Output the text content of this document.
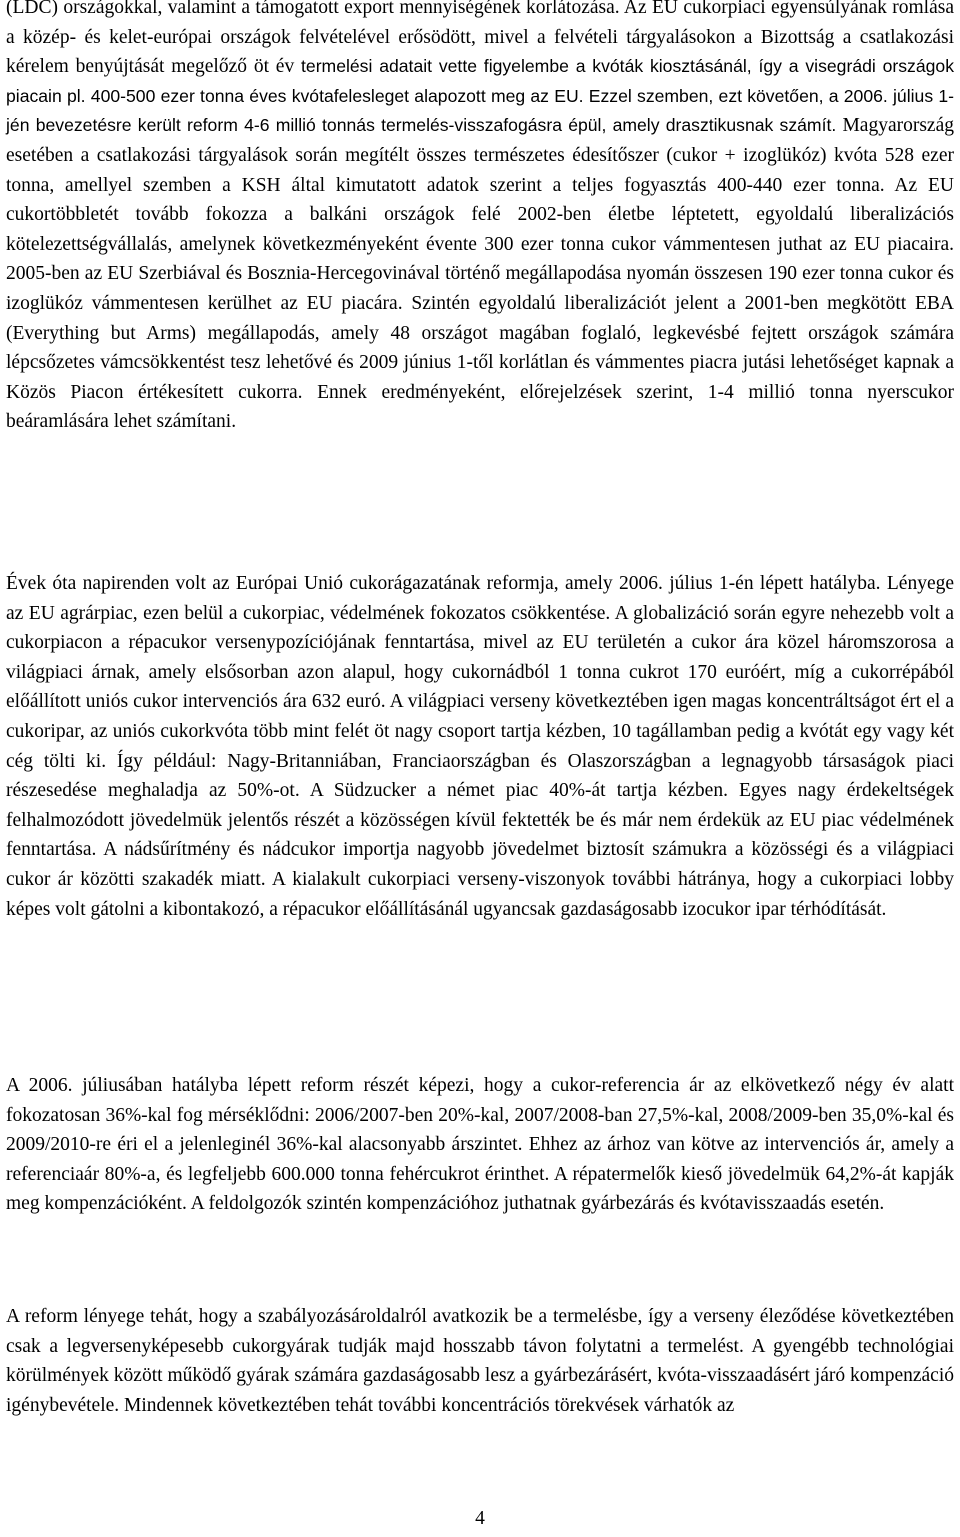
(LDC) országokkal, valamint a támogatott export mennyiségének korlátozása. Az EU cukorpiaci egyensúlyának romlása a közép- és kelet-európai országok felvételével erősödött, mivel a felvételi tárgyalásokon a Bizottság a csatlakozási kérelem benyújtását megelőző öt év termelési adatait vette figyelembe a kvóták kiosztásánál, így a visegrádi országok piacain pl. 400-500 ezer tonna éves kvótafelesleget alapozott meg az EU. Ezzel szemben, ezt követően, a 2006. július 1-jén bevezetésre került reform 4-6 millió tonnás termelés-visszafogásra épül, amely drasztikusnak számít. Magyarország esetében a csatlakozási tárgyalások során megítélt összes természetes édesítőszer (cukor + izoglükóz) kvóta 528 ezer tonna, amellyel szemben a KSH által kimutatott adatok szerint a teljes fogyasztás 400-440 ezer tonna. Az EU cukortöbbletét tovább fokozza a balkáni országok felé 2002-ben életbe léptetett, egyoldalú liberalizációs kötelezettségvállalás, amelynek következményeként évente 300 ezer tonna cukor vámmentesen juthat az EU piacaira. 2005-ben az EU Szerbiával és Bosznia-Hercegovinával történő megállapodása nyomán összesen 190 ezer tonna cukor és izoglükóz vámmentesen kerülhet az EU piacára. Szintén egyoldalú liberalizációt jelent a 2001-ben megkötött EBA (Everything but Arms) megállapodás, amely 48 országot magában foglaló, legkevésbé fejtett országok számára lépcsőzetes vámcsökkentést tesz lehetővé és 2009 június 1-től korlátlan és vámmentes piacra jutási lehetőséget kapnak a Közös Piacon értékesített cukorra. Ennek eredményeként, előrejelzések szerint, 1-4 millió tonna nyerscukor beáramlására lehet számítani.

Évek óta napirenden volt az Európai Unió cukorágazatának reformja, amely 2006. július 1-én lépett hatályba. Lényege az EU agrárpiac, ezen belül a cukorpiac, védelmének fokozatos csökkentése. A globalizáció során egyre nehezebb volt a cukorpiacon a répacukor versenypozíciójának fenntartása, mivel az EU területén a cukor ára közel háromszorosa a világpiaci árnak, amely elsősorban azon alapul, hogy cukornádból 1 tonna cukrot 170 euróért, míg a cukorrépából előállított uniós cukor intervenciós ára 632 euró. A világpiaci verseny következtében igen magas koncentráltságot ért el a cukoripar, az uniós cukorkvóta több mint felét öt nagy csoport tartja kézben, 10 tagállamban pedig a kvótát egy vagy két cég tölti ki. Így például: Nagy-Britanniában, Franciaországban és Olaszországban a legnagyobb társaságok piaci részesedése meghaladja az 50%-ot. A Südzucker a német piac 40%-át tartja kézben. Egyes nagy érdekeltségek felhalmozódott jövedelmük jelentős részét a közösségen kívül fektették be és már nem érdekük az EU piac védelmének fenntartása. A nádsűrítmény és nádcukor importja nagyobb jövedelmet biztosít számukra a közösségi és a világpiaci cukor ár közötti szakadék miatt. A kialakult cukorpiaci verseny-viszonyok további hátránya, hogy a cukorpiaci lobby képes volt gátolni a kibontakozó, a répacukor előállításánál ugyancsak gazdaságosabb izocukor ipar térhódítását.

A 2006. júliusában hatályba lépett reform részét képezi, hogy a cukor-referencia ár az elkövetkező négy év alatt fokozatosan 36%-kal fog mérséklődni: 2006/2007-ben 20%-kal, 2007/2008-ban 27,5%-kal, 2008/2009-ben 35,0%-kal és 2009/2010-re éri el a jelenleginél 36%-kal alacsonyabb árszintet. Ehhez az árhoz van kötve az intervenciós ár, amely a referenciaár 80%-a, és legfeljebb 600.000 tonna fehércukrot érinthet. A répatermelők kieső jövedelmük 64,2%-át kapják meg kompenzációként. A feldolgozók szintén kompenzációhoz juthatnak gyárbezárás és kvótavisszaadás esetén.

A reform lényege tehát, hogy a szabályozásároldalról avatkozik be a termelésbe, így a verseny éleződése következtében csak a legversenyképesebb cukorgyárak tudják majd hosszabb távon folytatni a termelést. A gyengébb technológiai körülmények között működő gyárak számára gazdaságosabb lesz a gyárbezárásért, kvóta-visszaadásért járó kompenzáció igénybevétele. Mindennek következtében tehát további koncentrációs törekvések várhatók az

4
